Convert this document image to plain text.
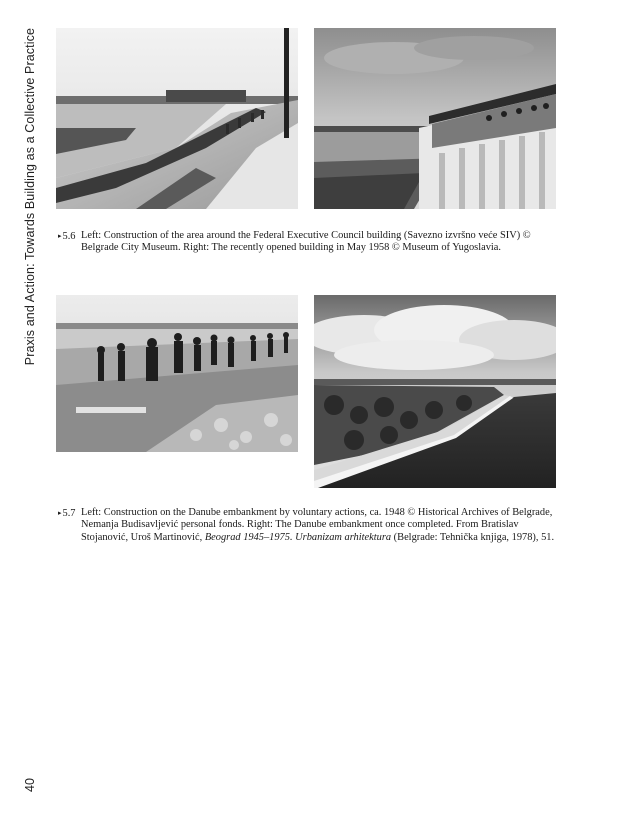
Praxis and Action: Towards Building as a Collective Practice
40
▸5.6 Left: Construction of the area around the Federal Executive Council building (Savezno izvršno veće SIV) © Belgrade City Museum. Right: The recently opened building in May 1958 © Museum of Yugoslavia.
▸5.7 Left: Construction on the Danube embankment by voluntary actions, ca. 1948 © Historical Archives of Belgrade, Nemanja Budisavljević personal fonds. Right: The Danube embankment once completed. From Bratislav Stojanović, Uroš Martinović, Beograd 1945–1975. Urbanizam arhitektura (Belgrade: Tehnička knjiga, 1978), 51.
